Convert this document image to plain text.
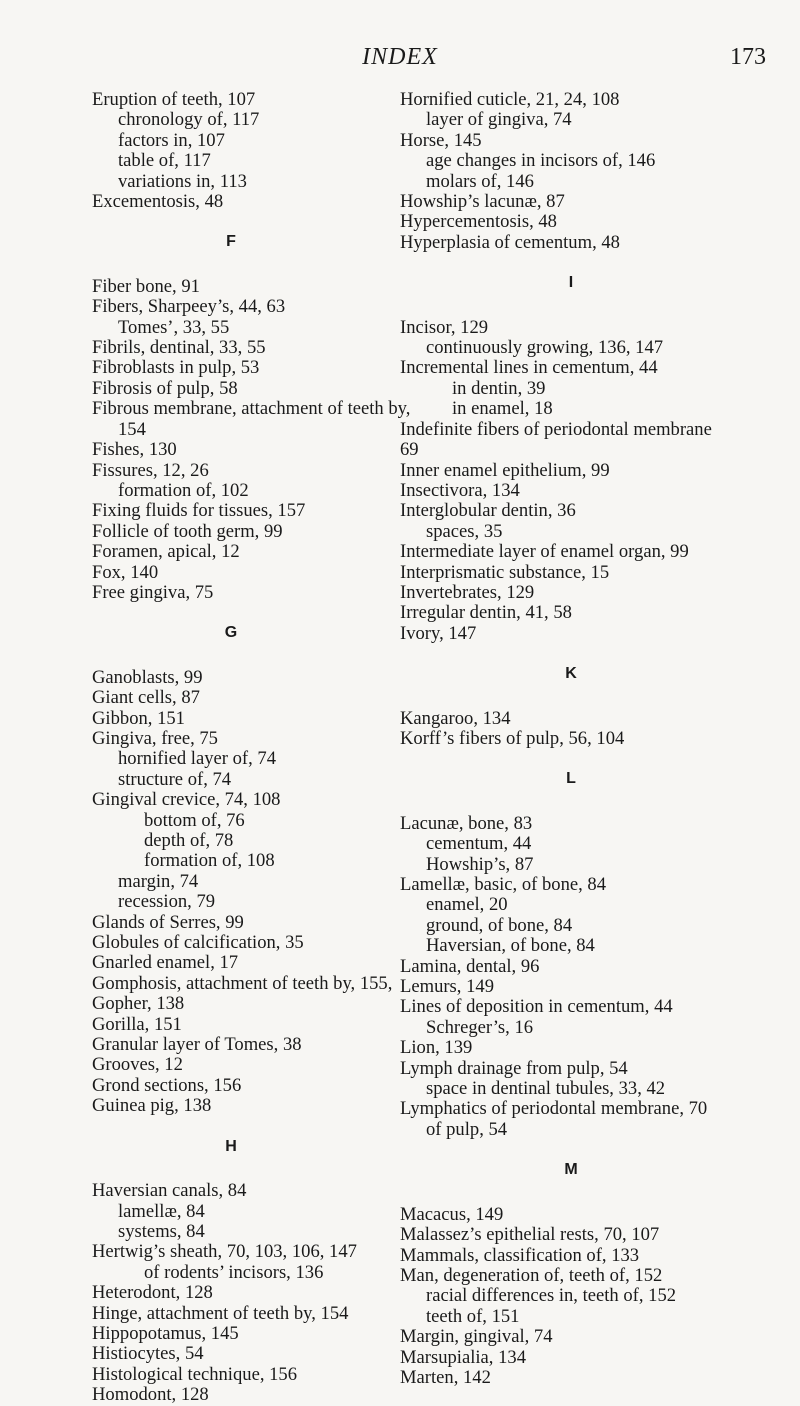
INDEX	173
Eruption of teeth, 107
chronology of, 117
factors in, 107
table of, 117
variations in, 113
Excementosis, 48
F
Fiber bone, 91
Fibers, Sharpeey’s, 44, 63
Tomes’, 33, 55
Fibrils, dentinal, 33, 55
Fibroblasts in pulp, 53
Fibrosis of pulp, 58
Fibrous membrane, attachment of teeth by,
154
Fishes, 130
Fissures, 12, 26
formation of, 102
Fixing fluids for tissues, 157
Follicle of tooth germ, 99
Foramen, apical, 12
Fox, 140
Free gingiva, 75
G
Ganoblasts, 99
Giant cells, 87
Gibbon, 151
Gingiva, free, 75
hornified layer of, 74
structure of, 74
Gingival crevice, 74, 108
bottom of, 76
depth of, 78
formation of, 108
margin, 74
recession, 79
Glands of Serres, 99
Globules of calcification, 35
Gnarled enamel, 17
Gomphosis, attachment of teeth by, 155,
Gopher, 138
Gorilla, 151
Granular layer of Tomes, 38
Grooves, 12
Grond sections, 156
Guinea pig, 138
H
Haversian canals, 84
lamellæ, 84
systems, 84
Hertwig’s sheath, 70, 103, 106, 147
of rodents’ incisors, 136
Heterodont, 128
Hinge, attachment of teeth by, 154
Hippopotamus, 145
Histiocytes, 54
Histological technique, 156
Homodont, 128
Hornified cuticle, 21, 24, 108
layer of gingiva, 74
Horse, 145
age changes in incisors of, 146
molars of, 146
Howship’s lacunæ, 87
Hypercementosis, 48
Hyperplasia of cementum, 48
I
Incisor, 129
continuously growing, 136, 147
Incremental lines in cementum, 44
in dentin, 39
in enamel, 18
Indefinite fibers of periodontal membrane
69
Inner enamel epithelium, 99
Insectivora, 134
Interglobular dentin, 36
spaces, 35
Intermediate layer of enamel organ, 99
Interprismatic substance, 15
Invertebrates, 129
Irregular dentin, 41, 58
Ivory, 147
K
Kangaroo, 134
Korff’s fibers of pulp, 56, 104
L
Lacunæ, bone, 83
cementum, 44
Howship’s, 87
Lamellæ, basic, of bone, 84
enamel, 20
ground, of bone, 84
Haversian, of bone, 84
Lamina, dental, 96
Lemurs, 149
Lines of deposition in cementum, 44
Schreger’s, 16
Lion, 139
Lymph drainage from pulp, 54
space in dentinal tubules, 33, 42
Lymphatics of periodontal membrane, 70
of pulp, 54
M
Macacus, 149
Malassez’s epithelial rests, 70, 107
Mammals, classification of, 133
Man, degeneration of, teeth of, 152
racial differences in, teeth of, 152
teeth of, 151
Margin, gingival, 74
Marsupialia, 134
Marten, 142
